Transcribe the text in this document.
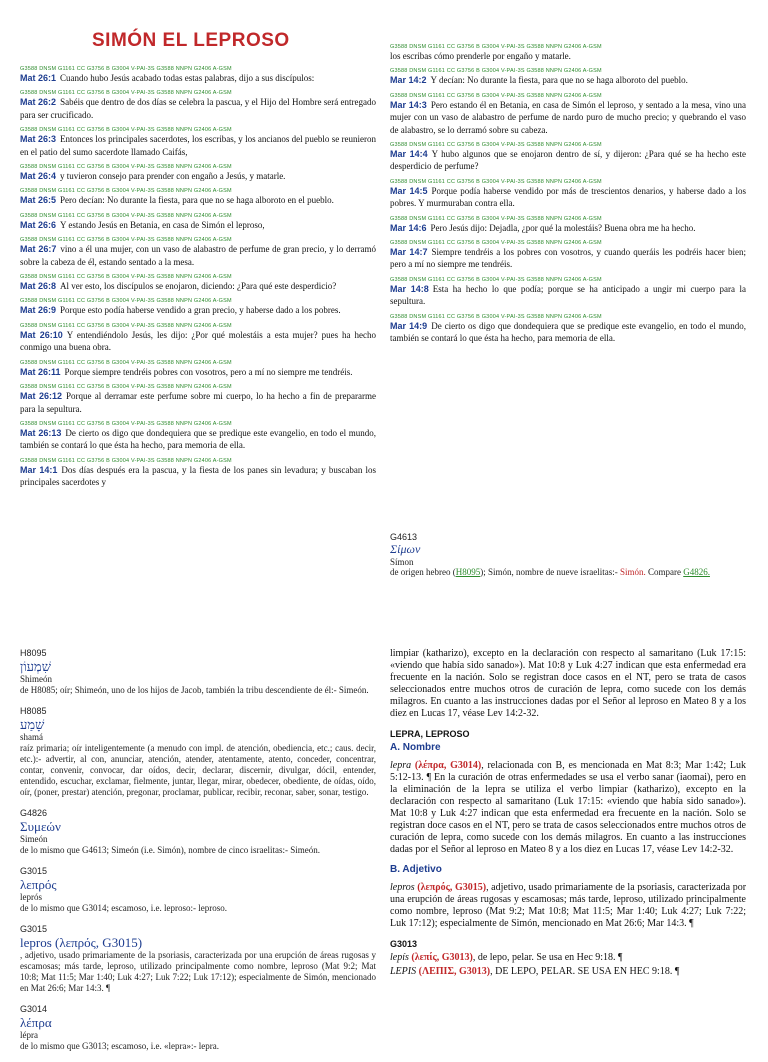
SIMÓN EL LEPROSO
G3588 DNSM G1161 CC G3756 B G3004 V-PAI-3S G3588 NNPN G2406 A-GSM
Mat 26:1 Cuando hubo Jesús acabado todas estas palabras, dijo a sus discípulos:
G3588 DNSM G1161 CC G3756 B G3004 V-PAI-3S G3588 NNPN G2406 A-GSM
Mat 26:2 Sabéis que dentro de dos días se celebra la pascua, y el Hijo del Hombre será entregado para ser crucificado.
G3588 DNSM G1161 CC G3756 B G3004 V-PAI-3S G3588 NNPN G2406 A-GSM
Mat 26:3 Entonces los principales sacerdotes, los escribas, y los ancianos del pueblo se reunieron en el patio del sumo sacerdote llamado Caifás,
G3588 DNSM G1161 CC G3756 B G3004 V-PAI-3S G3588 NNPN G2406 A-GSM
Mat 26:4 y tuvieron consejo para prender con engaño a Jesús, y matarle.
G3588 DNSM G1161 CC G3756 B G3004 V-PAI-3S G3588 NNPN G2406 A-GSM
Mat 26:5 Pero decían: No durante la fiesta, para que no se haga alboroto en el pueblo.
G3588 DNSM G1161 CC G3756 B G3004 V-PAI-3S G3588 NNPN G2406 A-GSM
Mat 26:6 Y estando Jesús en Betania, en casa de Simón el leproso,
G3588 DNSM G1161 CC G3756 B G3004 V-PAI-3S G3588 NNPN G2406 A-GSM
Mat 26:7 vino a él una mujer, con un vaso de alabastro de perfume de gran precio, y lo derramó sobre la cabeza de él, estando sentado a la mesa.
G3588 DNSM G1161 CC G3756 B G3004 V-PAI-3S G3588 NNPN G2406 A-GSM
Mat 26:8 Al ver esto, los discípulos se enojaron, diciendo: ¿Para qué este desperdicio?
G3588 DNSM G1161 CC G3756 B G3004 V-PAI-3S G3588 NNPN G2406 A-GSM
Mat 26:9 Porque esto podía haberse vendido a gran precio, y haberse dado a los pobres.
G3588 DNSM G1161 CC G3756 B G3004 V-PAI-3S G3588 NNPN G2406 A-GSM
Mat 26:10 Y entendiéndolo Jesús, les dijo: ¿Por qué molestáis a esta mujer? pues ha hecho conmigo una buena obra.
G3588 DNSM G1161 CC G3756 B G3004 V-PAI-3S G3588 NNPN G2406 A-GSM
Mat 26:11 Porque siempre tendréis pobres con vosotros, pero a mí no siempre me tendréis.
G3588 DNSM G1161 CC G3756 B G3004 V-PAI-3S G3588 NNPN G2406 A-GSM
Mat 26:12 Porque al derramar este perfume sobre mi cuerpo, lo ha hecho a fin de prepararme para la sepultura.
G3588 DNSM G1161 CC G3756 B G3004 V-PAI-3S G3588 NNPN G2406 A-GSM
Mat 26:13 De cierto os digo que dondequiera que se predique este evangelio, en todo el mundo, también se contará lo que ésta ha hecho, para memoria de ella.
G3588 DNSM G1161 CC G3756 B G3004 V-PAI-3S G3588 NNPN G2406 A-GSM
Mar 14:1 Dos días después era la pascua, y la fiesta de los panes sin levadura; y buscaban los principales sacerdotes y
G3588 DNSM G1161 CC G3756 B G3004 V-PAI-3S G3588 NNPN G2406 A-GSM
los escribas cómo prenderle por engaño y matarle.
G3588 DNSM G1161 CC G3756 B G3004 V-PAI-3S G3588 NNPN G2406 A-GSM
Mar 14:2 Y decían: No durante la fiesta, para que no se haga alboroto del pueblo.
G3588 DNSM G1161 CC G3756 B G3004 V-PAI-3S G3588 NNPN G2406 A-GSM
Mar 14:3 Pero estando él en Betania, en casa de Simón el leproso, y sentado a la mesa, vino una mujer con un vaso de alabastro de perfume de nardo puro de mucho precio; y quebrando el vaso de alabastro, se lo derramó sobre su cabeza.
G3588 DNSM G1161 CC G3756 B G3004 V-PAI-3S G3588 NNPN G2406 A-GSM
Mar 14:4 Y hubo algunos que se enojaron dentro de sí, y dijeron: ¿Para qué se ha hecho este desperdicio de perfume?
G3588 DNSM G1161 CC G3756 B G3004 V-PAI-3S G3588 NNPN G2406 A-GSM
Mar 14:5 Porque podía haberse vendido por más de trescientos denarios, y haberse dado a los pobres. Y murmuraban contra ella.
G3588 DNSM G1161 CC G3756 B G3004 V-PAI-3S G3588 NNPN G2406 A-GSM
Mar 14:6 Pero Jesús dijo: Dejadla, ¿por qué la molestáis? Buena obra me ha hecho.
G3588 DNSM G1161 CC G3756 B G3004 V-PAI-3S G3588 NNPN G2406 A-GSM
Mar 14:7 Siempre tendréis a los pobres con vosotros, y cuando queráis les podréis hacer bien; pero a mí no siempre me tendréis.
G3588 DNSM G1161 CC G3756 B G3004 V-PAI-3S G3588 NNPN G2406 A-GSM
Mar 14:8 Esta ha hecho lo que podía; porque se ha anticipado a ungir mi cuerpo para la sepultura.
G3588 DNSM G1161 CC G3756 B G3004 V-PAI-3S G3588 NNPN G2406 A-GSM
Mar 14:9 De cierto os digo que dondequiera que se predique este evangelio, en todo el mundo, también se contará lo que ésta ha hecho, para memoria de ella.
G4613
Σίμων
Símon
de origen hebreo (H8095); Simón, nombre de nueve israelitas:- Simón. Compare G4826.
H8095
שִׁמְעוֹן
Shimeón
de H8085; oír; Shimeón, uno de los hijos de Jacob, también la tribu descendiente de él:- Simeón.
H8085
שָׁמַע
shamá
raíz primaria; oír inteligentemente (a menudo con impl. de atención, obediencia, etc.; caus. decir, etc.):- advertir, al con, anunciar, atención, atender, atentamente, atento, conceder, concentrar, contar, convenir, convocar, dar oídos, decir, declarar, discernir, divulgar, dócil, entender, entendido, escuchar, exclamar, fielmente, juntar, llegar, mirar, obedecer, obediente, de oídas, oído, oír, (poner, prestar) atención, pregonar, proclamar, publicar, recibir, reconar, saber, sonar, testigo.
G4826
Συμεών
Simeón
de lo mismo que G4613; Simeón (i.e. Simón), nombre de cinco israelitas:- Simeón.
G3015
λεπρός
leprós
de lo mismo que G3014; escamoso, i.e. leproso:- leproso.
G3015
lepros (λεπρός, G3015)
, adjetivo, usado primariamente de la psoriasis, caracterizada por una erupción de áreas rugosas y escamosas; más tarde, leproso, utilizado principalmente como nombre, leproso (Mat 9:2; Mat 10:8; Mat 11:5; Mar 1:40; Luk 4:27; Luk 7:22; Luk 17:12); especialmente de Simón, mencionado en Mat 26:6; Mar 14:3. ¶
G3014
λέπρα
lépra
de lo mismo que G3013; escamoso, i.e. «lepra»:- lepra.

limpiar (katharizo), excepto en la declaración con respecto al samaritano (Luk 17:15: «viendo que había sido sanado»). Mat 10:8 y Luk 4:27 indican que esta enfermedad era frecuente en la nación. Solo se registran doce casos en el NT, pero se trata de casos seleccionados entre muchos otros de curación de lepra, como sucede con los demás milagros. En cuanto a las instrucciones dadas por el Señor al leproso en Mateo 8 y a los diez en Lucas 17, véase Lev 14:2-32.

LEPRA, LEPROSO
A. Nombre

lepra (λέπρα, G3014), relacionada con B, es mencionada en Mat 8:3; Mar 1:42; Luk 5:12-13. ¶ En la curación de otras enfermedades se usa el verbo sanar (iaomai), pero en la eliminación de la lepra se utiliza el verbo limpiar (katharizo), excepto en la declaración con respecto al samaritano (Luk 17:15: «viendo que había sido sanado»). Mat 10:8 y Luk 4:27 indican que esta enfermedad era frecuente en la nación. Solo se registran doce casos en el NT, pero se trata de casos seleccionados entre muchos otros de curación de lepra, como sucede con los demás milagros. En cuanto a las instrucciones dadas por el Señor al leproso en Mateo 8 y a los diez en Lucas 17, véase Lev 14:2-32.

B. Adjetivo

lepros (λεπρός, G3015), adjetivo, usado primariamente de la psoriasis, caracterizada por una erupción de áreas rugosas y escamosas; más tarde, leproso, utilizado principalmente como nombre, leproso (Mat 9:2; Mat 10:8; Mat 11:5; Mar 1:40; Luk 4:27; Luk 7:22; Luk 17:12); especialmente de Simón, mencionado en Mat 26:6; Mar 14:3. ¶

G3013

lepís (λεπίς, G3013), de lepo, pelar. Se usa en Hec 9:18. ¶

LEPIS (ΛΕΠΙΣ, G3013), DE LEPO, PELAR. SE USA EN HEC 9:18. ¶
